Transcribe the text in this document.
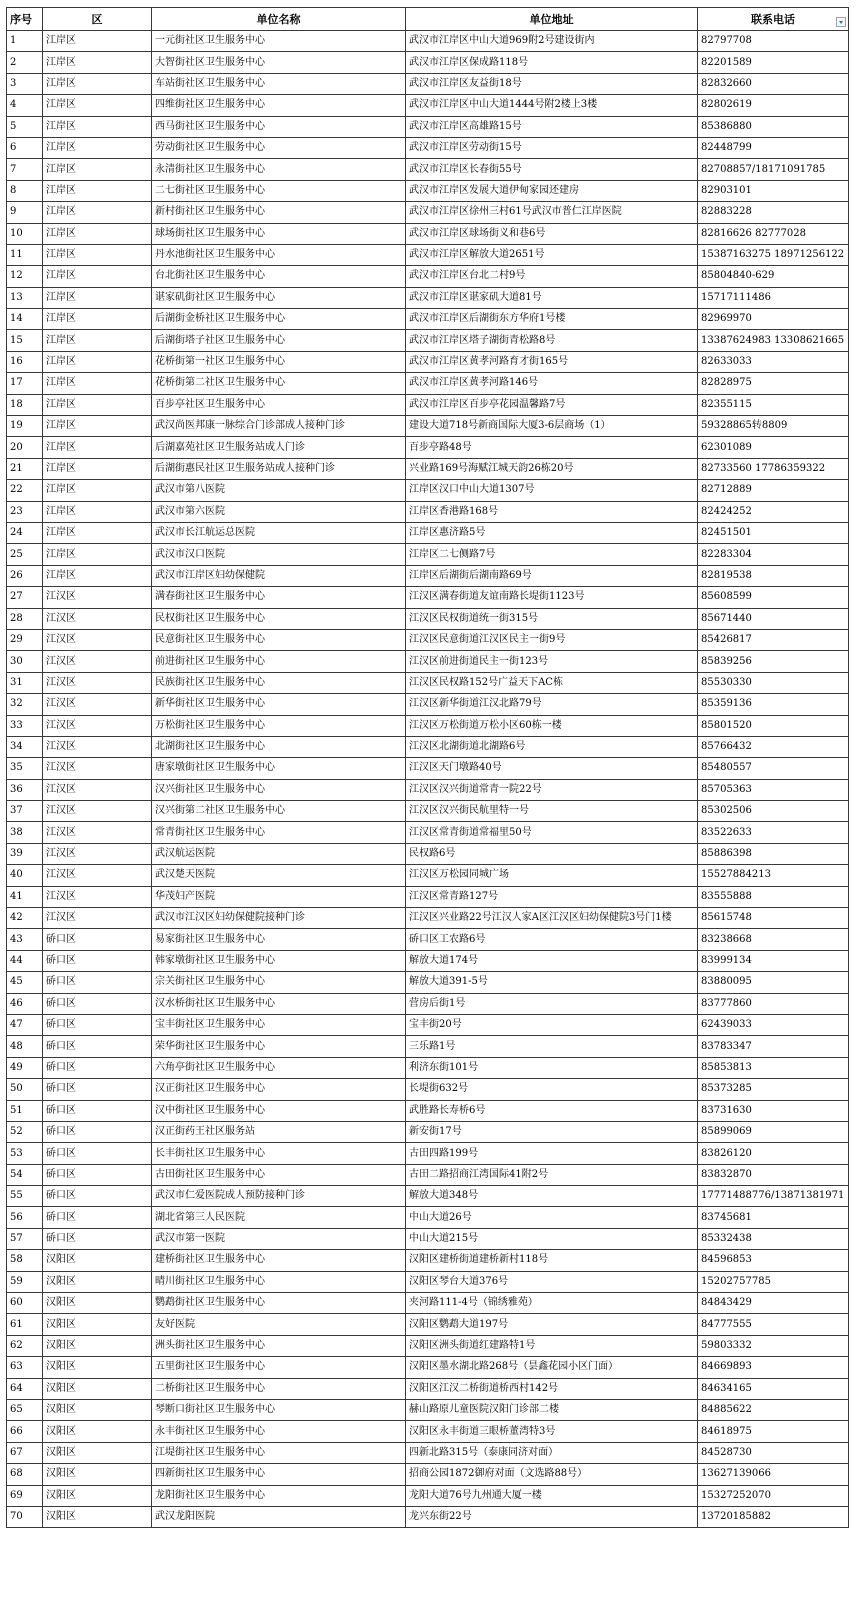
序号	区	单位名称	单位地址	联系电话

1	江岸区	一元街社区卫生服务中心	武汉市江岸区中山大道969附2号建设街内	82797708
2	江岸区	大智街社区卫生服务中心	武汉市江岸区保成路118号	82201589
3	江岸区	车站街社区卫生服务中心	武汉市江岸区友益街18号	82832660
4	江岸区	四维街社区卫生服务中心	武汉市江岸区中山大道1444号附2楼上3楼	82802619
5	江岸区	西马街社区卫生服务中心	武汉市江岸区高雄路15号	85386880
6	江岸区	劳动街社区卫生服务中心	武汉市江岸区劳动街15号	82448799
7	江岸区	永清街社区卫生服务中心	武汉市江岸区长春街55号	82708857/18171091785
8	江岸区	二七街社区卫生服务中心	武汉市江岸区发展大道伊甸家园还建房	82903101
9	江岸区	新村街社区卫生服务中心	武汉市江岸区徐州三村61号武汉市普仁江岸医院	82883228
10	江岸区	球场街社区卫生服务中心	武汉市江岸区球场街义和巷6号	82816626 82777028
11	江岸区	丹水池街社区卫生服务中心	武汉市江岸区解放大道2651号	15387163275 18971256122
12	江岸区	台北街社区卫生服务中心	武汉市江岸区台北二村9号	85804840-629
13	江岸区	谌家矶街社区卫生服务中心	武汉市江岸区谌家矶大道81号	15717111486
14	江岸区	后湖街金桥社区卫生服务中心	武汉市江岸区后湖街东方华府1号楼	82969970
15	江岸区	后湖街塔子社区卫生服务中心	武汉市江岸区塔子湖街青松路8号	13387624983 13308621665
16	江岸区	花桥街第一社区卫生服务中心	武汉市江岸区黄孝河路育才街165号	82633033
17	江岸区	花桥街第二社区卫生服务中心	武汉市江岸区黄孝河路146号	82828975
18	江岸区	百步亭社区卫生服务中心	武汉市江岸区百步亭花园温馨路7号	82355115
19	江岸区	武汉尚医邦康一脉综合门诊部成人接种门诊	建设大道718号新商国际大厦3-6层商场（1）	59328865转8809
20	江岸区	后湖嘉苑社区卫生服务站成人门诊	百步亭路48号	62301089
21	江岸区	后湖街惠民社区卫生服务站成人接种门诊	兴业路169号海赋江城天韵26栋20号	82733560 17786359322
22	江岸区	武汉市第八医院	江岸区汉口中山大道1307号	82712889
23	江岸区	武汉市第六医院	江岸区香港路168号	82424252
24	江岸区	武汉市长江航运总医院	江岸区惠济路5号	82451501
25	江岸区	武汉市汉口医院	江岸区二七侧路7号	82283304
26	江岸区	武汉市江岸区妇幼保健院	江岸区后湖街后湖南路69号	82819538
27	江汉区	满春街社区卫生服务中心	江汉区满春街道友谊南路长堤街1123号	85608599
28	江汉区	民权街社区卫生服务中心	江汉区民权街道统一街315号	85671440
29	江汉区	民意街社区卫生服务中心	江汉区民意街道江汉区民主一街9号	85426817
30	江汉区	前进街社区卫生服务中心	江汉区前进街道民主一街123号	85839256
31	江汉区	民族街社区卫生服务中心	江汉区民权路152号广益天下AC栋	85530330
32	江汉区	新华街社区卫生服务中心	江汉区新华街道江汉北路79号	85359136
33	江汉区	万松街社区卫生服务中心	江汉区万松街道万松小区60栋一楼	85801520
34	江汉区	北湖街社区卫生服务中心	江汉区北湖街道北湖路6号	85766432
35	江汉区	唐家墩街社区卫生服务中心	江汉区天门墩路40号	85480557
36	江汉区	汉兴街社区卫生服务中心	江汉区汉兴街道常青一院22号	85705363
37	江汉区	汉兴街第二社区卫生服务中心	江汉区汉兴街民航里特一号	85302506
38	江汉区	常青街社区卫生服务中心	江汉区常青街道常福里50号	83522633
39	江汉区	武汉航运医院	民权路6号	85886398
40	江汉区	武汉楚天医院	江汉区万松园同城广场	15527884213
41	江汉区	华茂妇产医院	江汉区常青路127号	83555888
42	江汉区	武汉市江汉区妇幼保健院接种门诊	江汉区兴业路22号江汉人家A区江汉区妇幼保健院3号门1楼	85615748
43	硚口区	易家街社区卫生服务中心	硚口区工农路6号	83238668
44	硚口区	韩家墩街社区卫生服务中心	解放大道174号	83999134
45	硚口区	宗关街社区卫生服务中心	解放大道391-5号	83880095
46	硚口区	汉水桥街社区卫生服务中心	营房后街1号	83777860
47	硚口区	宝丰街社区卫生服务中心	宝丰街20号	62439033
48	硚口区	荣华街社区卫生服务中心	三乐路1号	83783347
49	硚口区	六角亭街社区卫生服务中心	利济东街101号	85853813
50	硚口区	汉正街社区卫生服务中心	长堤街632号	85373285
51	硚口区	汉中街社区卫生服务中心	武胜路长寿桥6号	83731630
52	硚口区	汉正街药王社区服务站	新安街17号	85899069
53	硚口区	长丰街社区卫生服务中心	古田四路199号	83826120
54	硚口区	古田街社区卫生服务中心	古田二路招商江湾国际41附2号	83832870
55	硚口区	武汉市仁爱医院成人预防接种门诊	解放大道348号	17771488776/13871381971
56	硚口区	湖北省第三人民医院	中山大道26号	83745681
57	硚口区	武汉市第一医院	中山大道215号	85332438
58	汉阳区	建桥街社区卫生服务中心	汉阳区建桥街道建桥新村118号	84596853
59	汉阳区	晴川街社区卫生服务中心	汉阳区琴台大道376号	15202757785
60	汉阳区	鹦鹉街社区卫生服务中心	夹河路111-4号（锦绣雅苑）	84843429
61	汉阳区	友好医院	汉阳区鹦鹉大道197号	84777555
62	汉阳区	洲头街社区卫生服务中心	汉阳区洲头街道红建路特1号	59803332
63	汉阳区	五里街社区卫生服务中心	汉阳区墨水湖北路268号（昙鑫花园小区门面）	84669893
64	汉阳区	二桥街社区卫生服务中心	汉阳区江汉二桥街道桥西村142号	84634165
65	汉阳区	琴断口街社区卫生服务中心	赫山路原儿童医院汉阳门诊部二楼	84885622
66	汉阳区	永丰街社区卫生服务中心	汉阳区永丰街道三眼桥董湾特3号	84618975
67	汉阳区	江堤街社区卫生服务中心	四新北路315号（泰康同济对面）	84528730
68	汉阳区	四新街社区卫生服务中心	招商公园1872御府对面（文选路88号）	13627139066
69	汉阳区	龙阳街社区卫生服务中心	龙阳大道76号九州通大厦一楼	15327252070
70	汉阳区	武汉龙阳医院	龙兴东街22号	13720185882
